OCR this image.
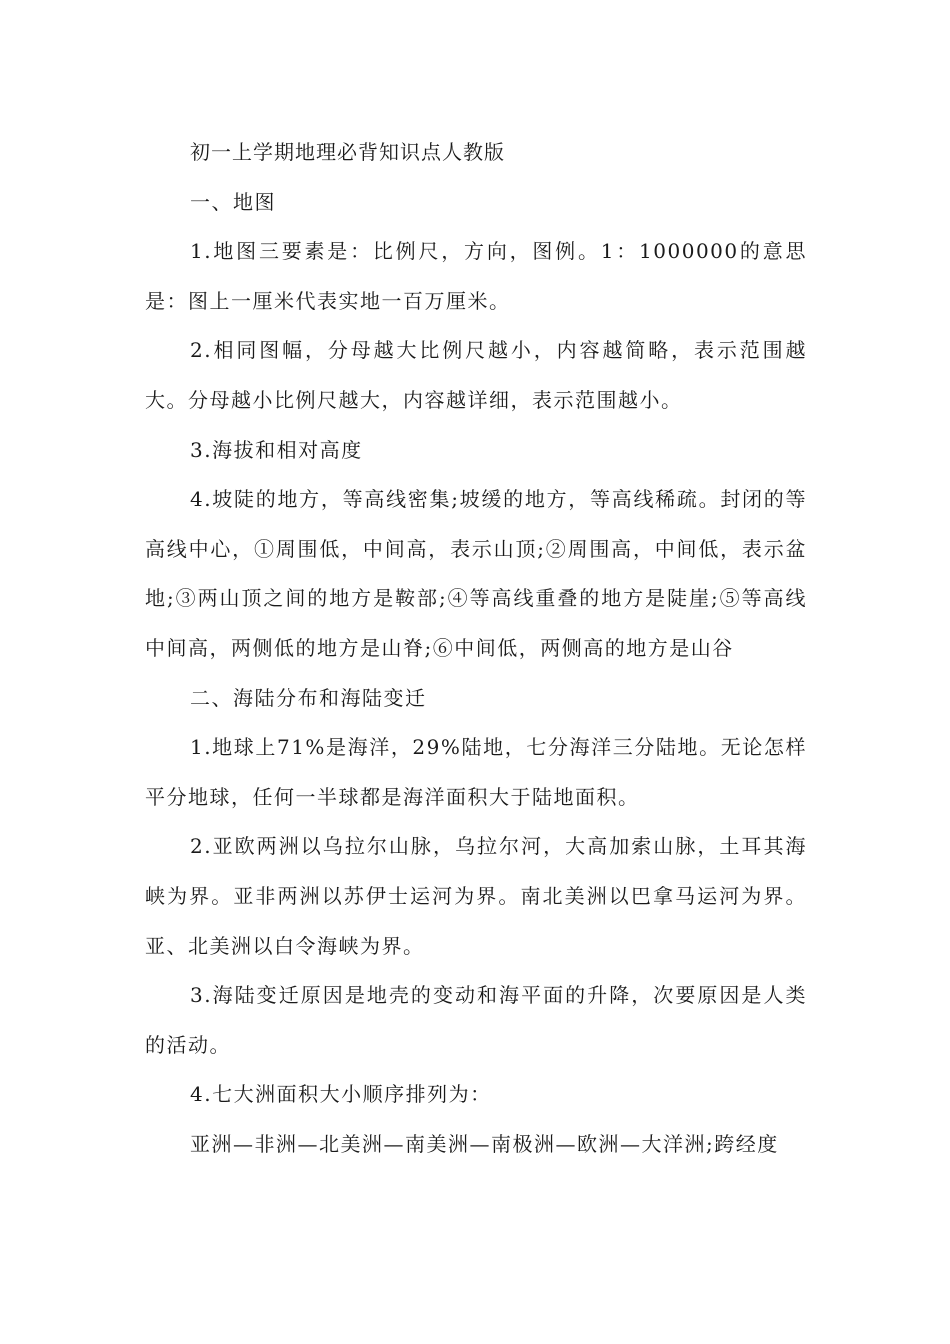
初一上学期地理必背知识点人教版

一、地图

1.地图三要素是：比例尺，方向，图例。1：1000000的意思是：图上一厘米代表实地一百万厘米。

2.相同图幅，分母越大比例尺越小，内容越简略，表示范围越大。分母越小比例尺越大，内容越详细，表示范围越小。

3.海拔和相对高度

4.坡陡的地方，等高线密集;坡缓的地方，等高线稀疏。封闭的等高线中心，①周围低，中间高，表示山顶;②周围高，中间低，表示盆地;③两山顶之间的地方是鞍部;④等高线重叠的地方是陡崖;⑤等高线中间高，两侧低的地方是山脊;⑥中间低，两侧高的地方是山谷

二、海陆分布和海陆变迁

1.地球上71%是海洋，29%陆地，七分海洋三分陆地。无论怎样平分地球，任何一半球都是海洋面积大于陆地面积。

2.亚欧两洲以乌拉尔山脉，乌拉尔河，大高加索山脉，土耳其海峡为界。亚非两洲以苏伊士运河为界。南北美洲以巴拿马运河为界。亚、北美洲以白令海峡为界。

3.海陆变迁原因是地壳的变动和海平面的升降，次要原因是人类的活动。

4.七大洲面积大小顺序排列为：

亚洲—非洲—北美洲—南美洲—南极洲—欧洲—大洋洲;跨经度
